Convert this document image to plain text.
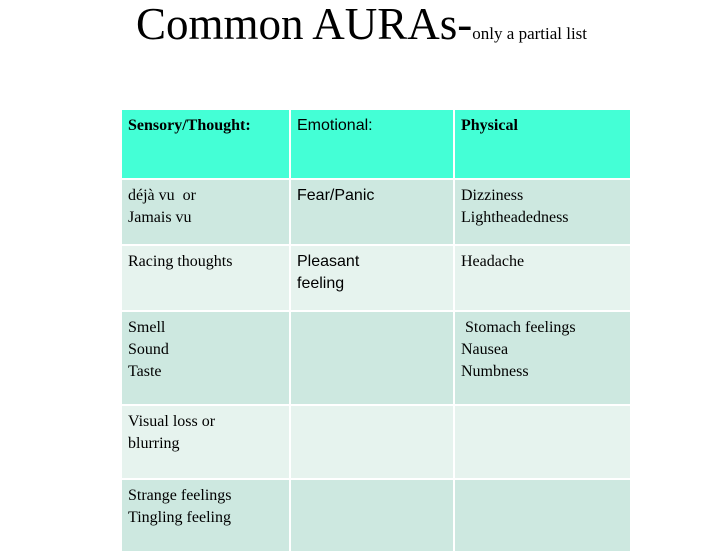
Common AURAs-only a partial list
Sensory/Thought:	Emotional:	Physical

déjà vu  or
Jamais vu	Fear/Panic	Dizziness
Lightheadedness

Racing thoughts	Pleasant
feeling	Headache

Smell
Sound
Taste		Stomach feelings
Nausea
Numbness

Visual loss or
blurring		

Strange feelings
Tingling feeling		
